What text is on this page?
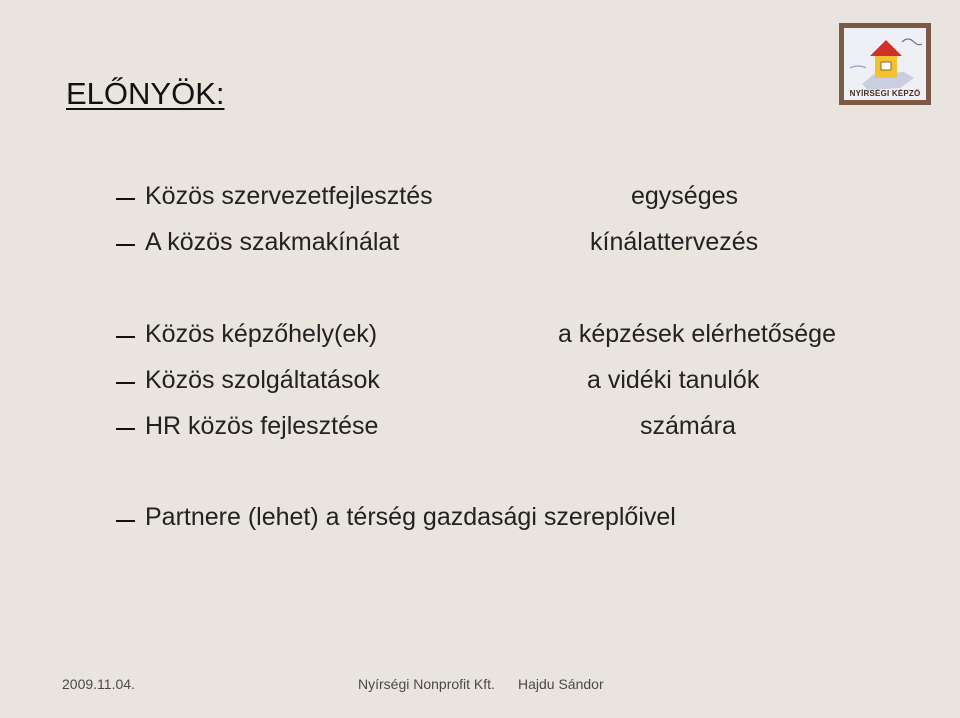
ELŐNYÖK:	NYÍRSÉGI KÉPZŐ
Közös szervezetfejlesztés	egységes
A közös szakmakínálat	kínálattervezés
Közös képzőhely(ek)	a képzések elérhetősége
Közös szolgáltatások	a vidéki tanulók
HR közös fejlesztése	számára
Partnere (lehet) a térség gazdasági szereplőivel
2009.11.04.	Nyírségi Nonprofit Kft. Hajdu Sándor
